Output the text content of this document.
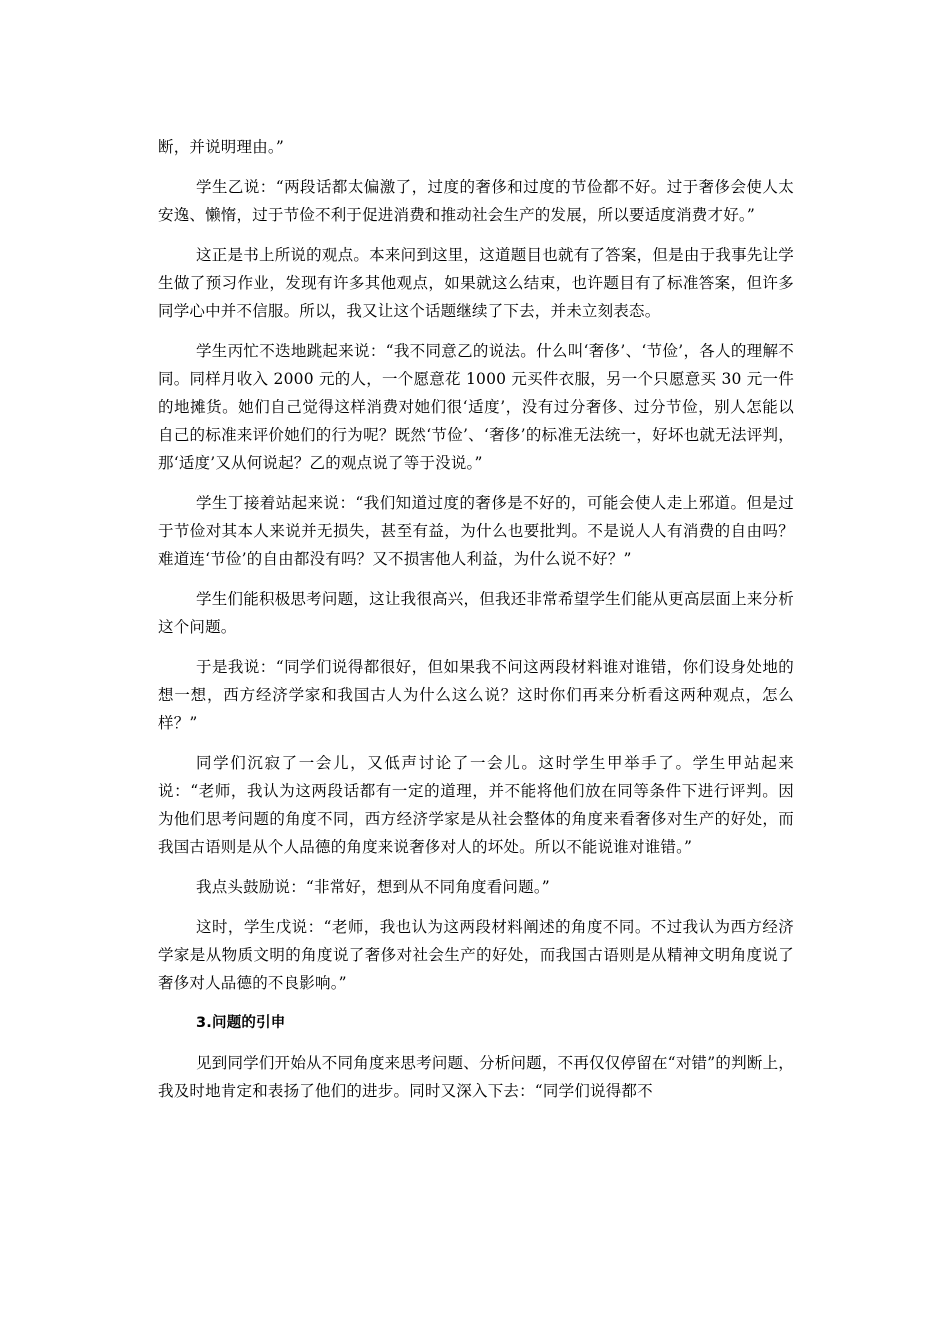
断，并说明理由。”

学生乙说：“两段话都太偏激了，过度的奢侈和过度的节俭都不好。过于奢侈会使人太安逸、懒惰，过于节俭不利于促进消费和推动社会生产的发展，所以要适度消费才好。”

这正是书上所说的观点。本来问到这里，这道题目也就有了答案，但是由于我事先让学生做了预习作业，发现有许多其他观点，如果就这么结束，也许题目有了标准答案，但许多同学心中并不信服。所以，我又让这个话题继续了下去，并未立刻表态。

学生丙忙不迭地跳起来说：“我不同意乙的说法。什么叫‘奢侈’、‘节俭’，各人的理解不同。同样月收入 2000 元的人，一个愿意花 1000 元买件衣服，另一个只愿意买 30 元一件的地摊货。她们自己觉得这样消费对她们很‘适度’，没有过分奢侈、过分节俭，别人怎能以自己的标准来评价她们的行为呢？既然‘节俭’、‘奢侈’的标准无法统一，好坏也就无法评判，那‘适度’又从何说起？乙的观点说了等于没说。”

学生丁接着站起来说：“我们知道过度的奢侈是不好的，可能会使人走上邪道。但是过于节俭对其本人来说并无损失，甚至有益，为什么也要批判。不是说人人有消费的自由吗？难道连‘节俭’的自由都没有吗？又不损害他人利益，为什么说不好？”

学生们能积极思考问题，这让我很高兴，但我还非常希望学生们能从更高层面上来分析这个问题。

于是我说：“同学们说得都很好，但如果我不问这两段材料谁对谁错，你们设身处地的想一想，西方经济学家和我国古人为什么这么说？这时你们再来分析看这两种观点，怎么样？”

同学们沉寂了一会儿，又低声讨论了一会儿。这时学生甲举手了。学生甲站起来说：“老师，我认为这两段话都有一定的道理，并不能将他们放在同等条件下进行评判。因为他们思考问题的角度不同，西方经济学家是从社会整体的角度来看奢侈对生产的好处，而我国古语则是从个人品德的角度来说奢侈对人的坏处。所以不能说谁对谁错。”

我点头鼓励说：“非常好，想到从不同角度看问题。”

这时，学生戊说：“老师，我也认为这两段材料阐述的角度不同。不过我认为西方经济学家是从物质文明的角度说了奢侈对社会生产的好处，而我国古语则是从精神文明角度说了奢侈对人品德的不良影响。”

3.问题的引申

见到同学们开始从不同角度来思考问题、分析问题，不再仅仅停留在“对错”的判断上，我及时地肯定和表扬了他们的进步。同时又深入下去：“同学们说得都不
